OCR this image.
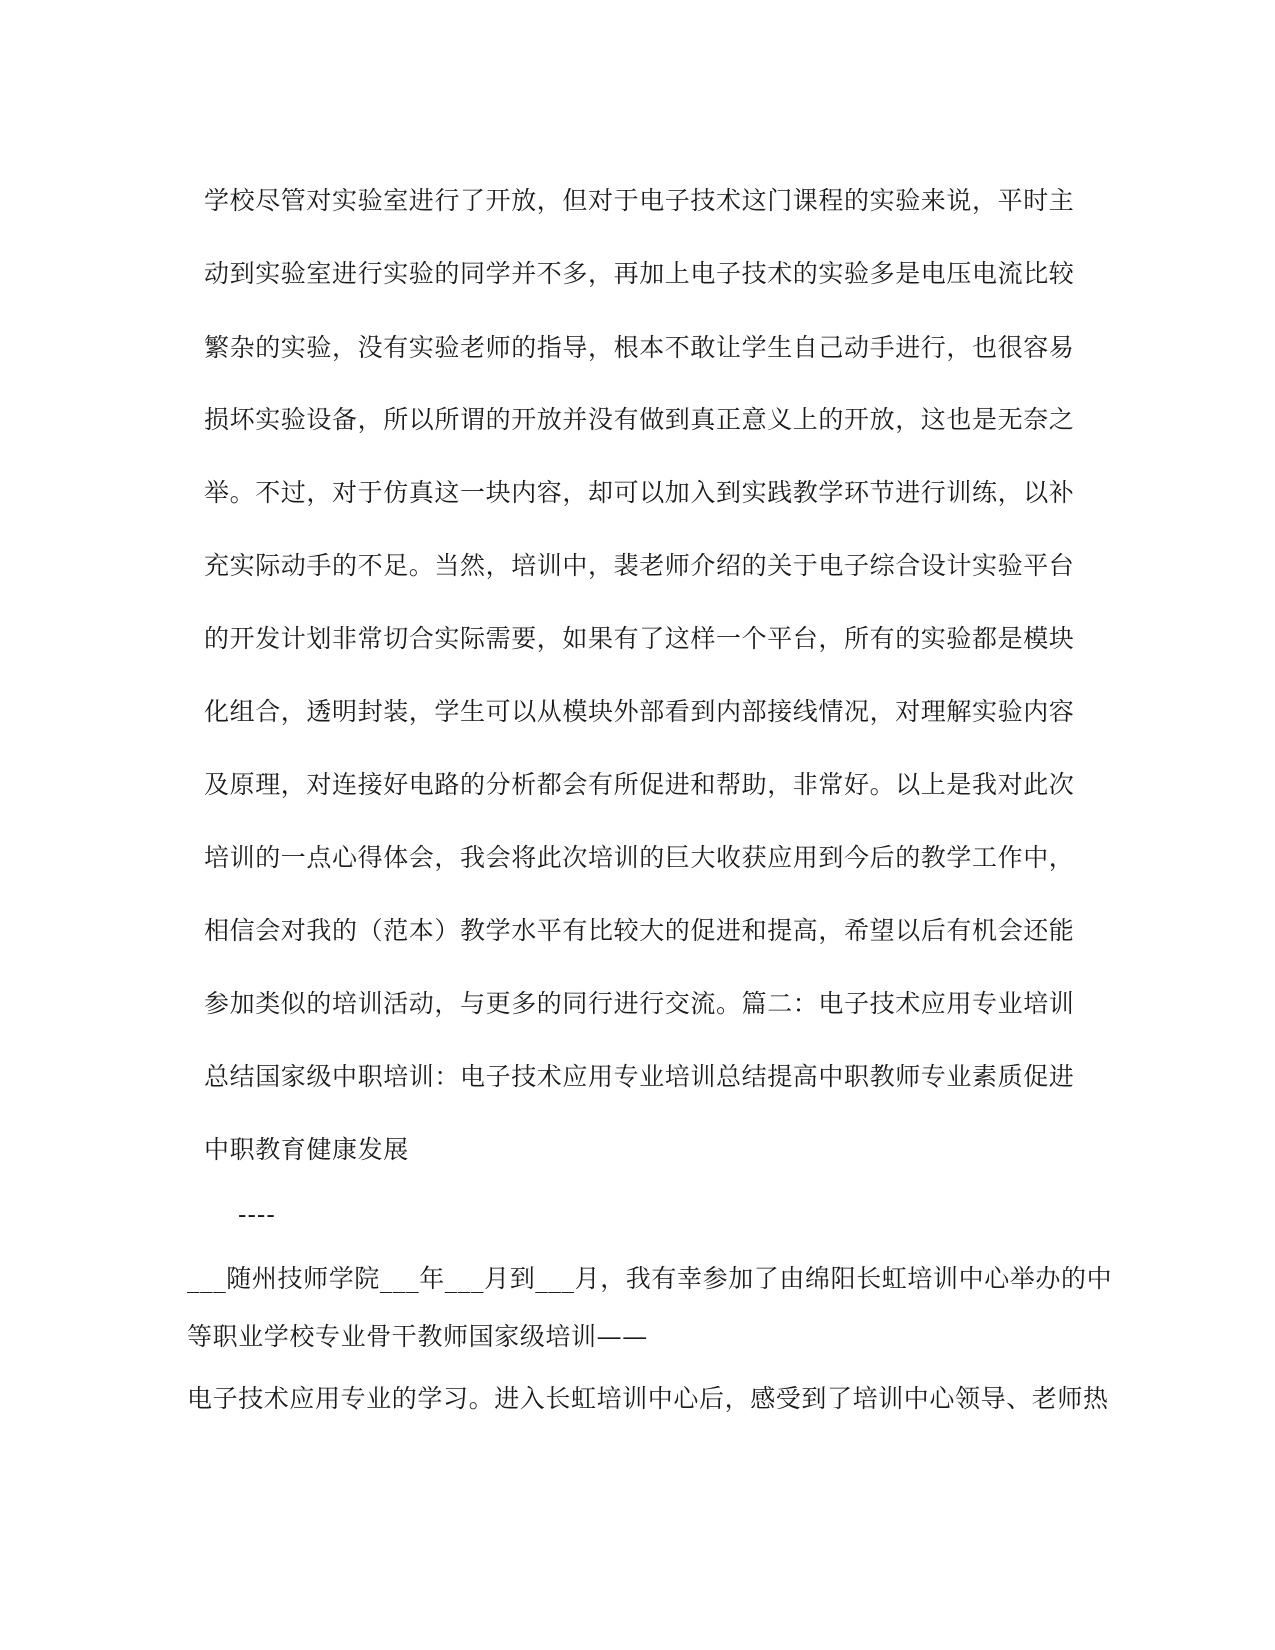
学校尽管对实验室进行了开放，但对于电子技术这门课程的实验来说，平时主
动到实验室进行实验的同学并不多，再加上电子技术的实验多是电压电流比较
繁杂的实验，没有实验老师的指导，根本不敢让学生自己动手进行，也很容易
损坏实验设备，所以所谓的开放并没有做到真正意义上的开放，这也是无奈之
举。不过，对于仿真这一块内容，却可以加入到实践教学环节进行训练，以补
充实际动手的不足。当然，培训中，裴老师介绍的关于电子综合设计实验平台
的开发计划非常切合实际需要，如果有了这样一个平台，所有的实验都是模块
化组合，透明封装，学生可以从模块外部看到内部接线情况，对理解实验内容
及原理，对连接好电路的分析都会有所促进和帮助，非常好。以上是我对此次
培训的一点心得体会，我会将此次培训的巨大收获应用到今后的教学工作中，
相信会对我的（范本）教学水平有比较大的促进和提高，希望以后有机会还能
参加类似的培训活动，与更多的同行进行交流。篇二：电子技术应用专业培训
总结国家级中职培训：电子技术应用专业培训总结提高中职教师专业素质促进
中职教育健康发展
----
___随州技师学院___年___月到___月，我有幸参加了由绵阳长虹培训中心举办的中
等职业学校专业骨干教师国家级培训——
电子技术应用专业的学习。进入长虹培训中心后，感受到了培训中心领导、老师热
